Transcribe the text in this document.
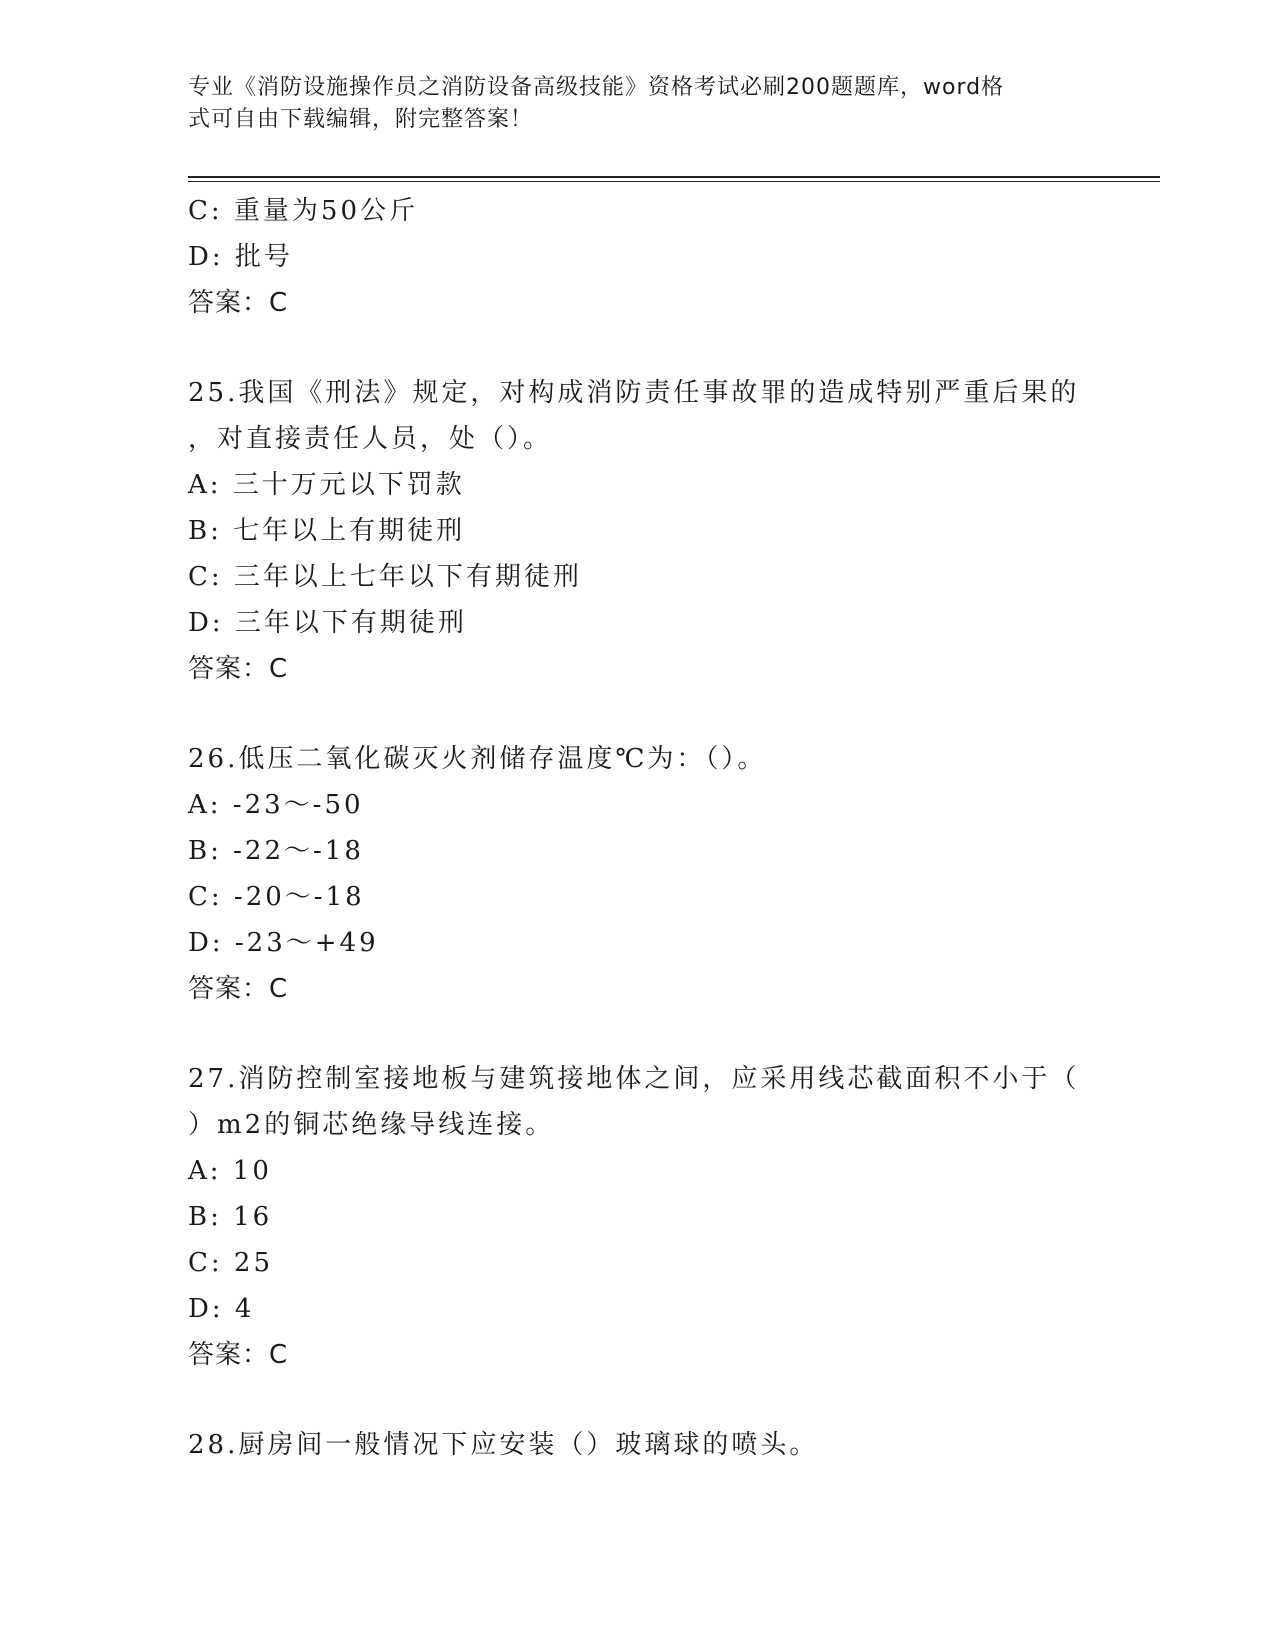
专业《消防设施操作员之消防设备高级技能》资格考试必刷200题题库，word格
式可自由下载编辑，附完整答案！
C: 重量为50公斤
D: 批号
答案：C
25.我国《刑法》规定，对构成消防责任事故罪的造成特别严重后果的
，对直接责任人员，处（）。
A: 三十万元以下罚款
B: 七年以上有期徒刑
C: 三年以上七年以下有期徒刑
D: 三年以下有期徒刑
答案：C
26.低压二氧化碳灭火剂储存温度℃为：（）。
A: -23～-50
B: -22～-18
C: -20～-18
D: -23～+49
答案：C
27.消防控制室接地板与建筑接地体之间，应采用线芯截面积不小于（
）m2的铜芯绝缘导线连接。
A: 10
B: 16
C: 25
D: 4
答案：C
28.厨房间一般情况下应安装（）玻璃球的喷头。
